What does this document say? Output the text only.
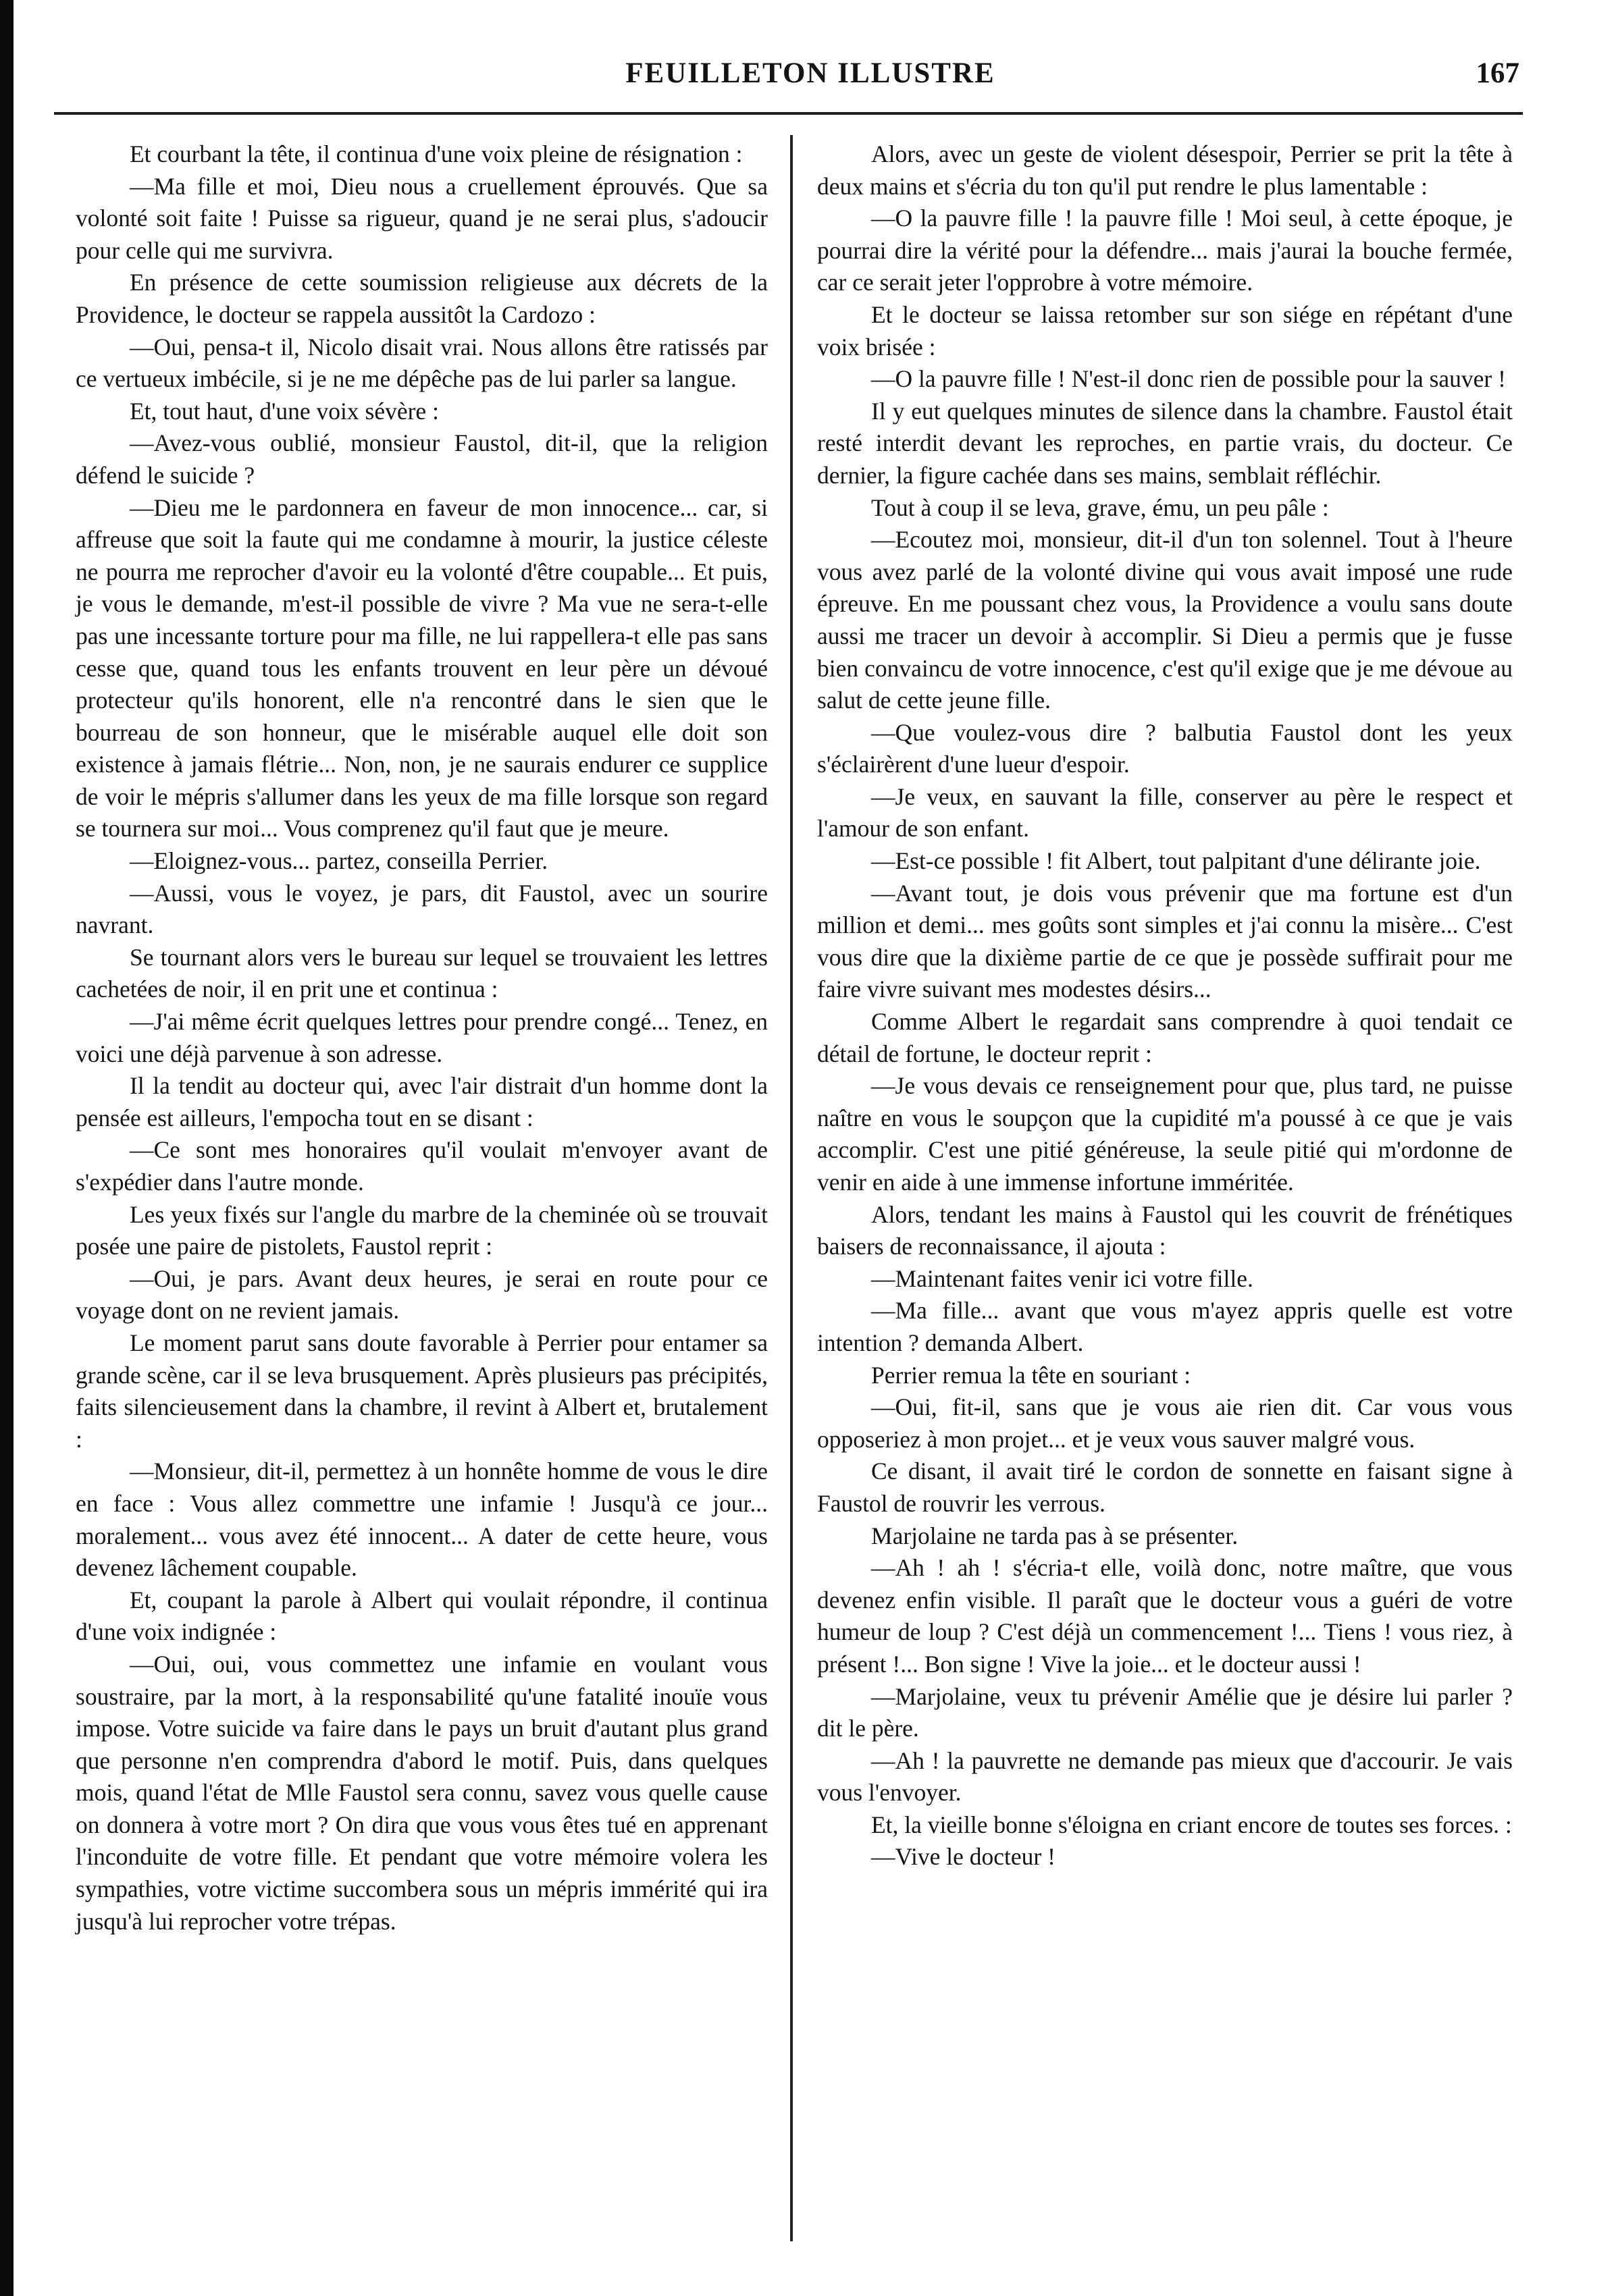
FEUILLETON ILLUSTRE	167

Et courbant la tête, il continua d'une voix pleine de résignation :

—Ma fille et moi, Dieu nous a cruellement éprouvés. Que sa volonté soit faite ! Puisse sa rigueur, quand je ne serai plus, s'adoucir pour celle qui me survivra.

En présence de cette soumission religieuse aux décrets de la Providence, le docteur se rappela aussitôt la Cardozo :

—Oui, pensa-t il, Nicolo disait vrai. Nous allons être ratissés par ce vertueux imbécile, si je ne me dépêche pas de lui parler sa langue.

Et, tout haut, d'une voix sévère :

—Avez-vous oublié, monsieur Faustol, dit-il, que la religion défend le suicide ?

—Dieu me le pardonnera en faveur de mon innocence... car, si affreuse que soit la faute qui me condamne à mourir, la justice céleste ne pourra me reprocher d'avoir eu la volonté d'être coupable... Et puis, je vous le demande, m'est-il possible de vivre ? Ma vue ne sera-t-elle pas une incessante torture pour ma fille, ne lui rappellera-t elle pas sans cesse que, quand tous les enfants trouvent en leur père un dévoué protecteur qu'ils honorent, elle n'a rencontré dans le sien que le bourreau de son honneur, que le misérable auquel elle doit son existence à jamais flétrie... Non, non, je ne saurais endurer ce supplice de voir le mépris s'allumer dans les yeux de ma fille lorsque son regard se tournera sur moi... Vous comprenez qu'il faut que je meure.

—Eloignez-vous... partez, conseilla Perrier.

—Aussi, vous le voyez, je pars, dit Faustol, avec un sourire navrant.

Se tournant alors vers le bureau sur lequel se trouvaient les lettres cachetées de noir, il en prit une et continua :

—J'ai même écrit quelques lettres pour prendre congé... Tenez, en voici une déjà parvenue à son adresse.

Il la tendit au docteur qui, avec l'air distrait d'un homme dont la pensée est ailleurs, l'empocha tout en se disant :

—Ce sont mes honoraires qu'il voulait m'envoyer avant de s'expédier dans l'autre monde.

Les yeux fixés sur l'angle du marbre de la cheminée où se trouvait posée une paire de pistolets, Faustol reprit :

—Oui, je pars. Avant deux heures, je serai en route pour ce voyage dont on ne revient jamais.

Le moment parut sans doute favorable à Perrier pour entamer sa grande scène, car il se leva brusquement. Après plusieurs pas précipités, faits silencieusement dans la chambre, il revint à Albert et, brutalement :

—Monsieur, dit-il, permettez à un honnête homme de vous le dire en face : Vous allez commettre une infamie ! Jusqu'à ce jour... moralement... vous avez été innocent... A dater de cette heure, vous devenez lâchement coupable.

Et, coupant la parole à Albert qui voulait répondre, il continua d'une voix indignée :

—Oui, oui, vous commettez une infamie en voulant vous soustraire, par la mort, à la responsabilité qu'une fatalité inouïe vous impose. Votre suicide va faire dans le pays un bruit d'autant plus grand que personne n'en comprendra d'abord le motif. Puis, dans quelques mois, quand l'état de Mlle Faustol sera connu, savez vous quelle cause on donnera à votre mort ? On dira que vous vous êtes tué en apprenant l'inconduite de votre fille. Et pendant que votre mémoire volera les sympathies, votre victime succombera sous un mépris immérité qui ira jusqu'à lui reprocher votre trépas.

Alors, avec un geste de violent désespoir, Perrier se prit la tête à deux mains et s'écria du ton qu'il put rendre le plus lamentable :

—O la pauvre fille ! la pauvre fille ! Moi seul, à cette époque, je pourrai dire la vérité pour la défendre... mais j'aurai la bouche fermée, car ce serait jeter l'opprobre à votre mémoire.

Et le docteur se laissa retomber sur son siége en répétant d'une voix brisée :

—O la pauvre fille ! N'est-il donc rien de possible pour la sauver !

Il y eut quelques minutes de silence dans la chambre. Faustol était resté interdit devant les reproches, en partie vrais, du docteur. Ce dernier, la figure cachée dans ses mains, semblait réfléchir.

Tout à coup il se leva, grave, ému, un peu pâle :

—Ecoutez moi, monsieur, dit-il d'un ton solennel. Tout à l'heure vous avez parlé de la volonté divine qui vous avait imposé une rude épreuve. En me poussant chez vous, la Providence a voulu sans doute aussi me tracer un devoir à accomplir. Si Dieu a permis que je fusse bien convaincu de votre innocence, c'est qu'il exige que je me dévoue au salut de cette jeune fille.

—Que voulez-vous dire ? balbutia Faustol dont les yeux s'éclairèrent d'une lueur d'espoir.

—Je veux, en sauvant la fille, conserver au père le respect et l'amour de son enfant.

—Est-ce possible ! fit Albert, tout palpitant d'une délirante joie.

—Avant tout, je dois vous prévenir que ma fortune est d'un million et demi... mes goûts sont simples et j'ai connu la misère... C'est vous dire que la dixième partie de ce que je possède suffirait pour me faire vivre suivant mes modestes désirs...

Comme Albert le regardait sans comprendre à quoi tendait ce détail de fortune, le docteur reprit :

—Je vous devais ce renseignement pour que, plus tard, ne puisse naître en vous le soupçon que la cupidité m'a poussé à ce que je vais accomplir. C'est une pitié généreuse, la seule pitié qui m'ordonne de venir en aide à une immense infortune imméritée.

Alors, tendant les mains à Faustol qui les couvrit de frénétiques baisers de reconnaissance, il ajouta :

—Maintenant faites venir ici votre fille.

—Ma fille... avant que vous m'ayez appris quelle est votre intention ? demanda Albert.

Perrier remua la tête en souriant :

—Oui, fit-il, sans que je vous aie rien dit. Car vous vous opposeriez à mon projet... et je veux vous sauver malgré vous.

Ce disant, il avait tiré le cordon de sonnette en faisant signe à Faustol de rouvrir les verrous.

Marjolaine ne tarda pas à se présenter.

—Ah ! ah ! s'écria-t elle, voilà donc, notre maître, que vous devenez enfin visible. Il paraît que le docteur vous a guéri de votre humeur de loup ? C'est déjà un commencement !... Tiens ! vous riez, à présent !... Bon signe ! Vive la joie... et le docteur aussi !

—Marjolaine, veux tu prévenir Amélie que je désire lui parler ? dit le père.

—Ah ! la pauvrette ne demande pas mieux que d'accourir. Je vais vous l'envoyer.

Et, la vieille bonne s'éloigna en criant encore de toutes ses forces. :

—Vive le docteur !
